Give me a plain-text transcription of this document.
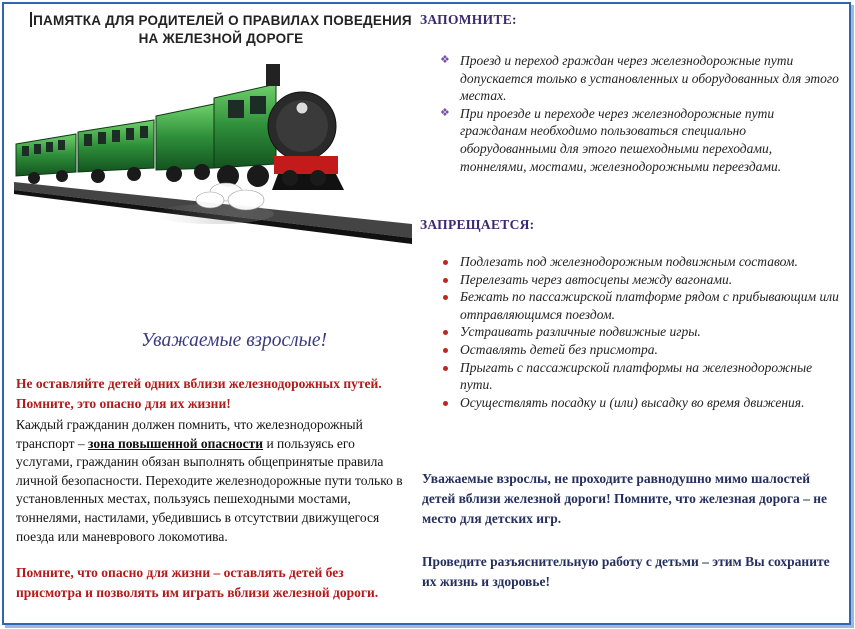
ПАМЯТКА ДЛЯ РОДИТЕЛЕЙ О ПРАВИЛАХ ПОВЕДЕНИЯ
НА ЖЕЛЕЗНОЙ ДОРОГЕ
Уважаемые взрослые!
Не оставляйте детей одних вблизи железнодорожных путей. Помните, это опасно для их жизни!
Каждый гражданин должен помнить, что железнодорожный транспорт – зона повышенной опасности и пользуясь его услугами, гражданин обязан выполнять общепринятые правила личной безопасности. Переходите железнодорожные пути только в установленных местах, пользуясь пешеходными мостами, тоннелями, настилами, убедившись в отсутствии движущегося поезда или маневрового локомотива.
Помните, что опасно для жизни – оставлять детей без присмотра и позволять им играть вблизи железной дороги.
ЗАПОМНИТЕ:
❖ Проезд и переход граждан через железнодорожные пути допускается только в установленных и оборудованных для этого местах.
❖ При проезде и переходе через железнодорожные пути гражданам необходимо пользоваться специально оборудованными для этого пешеходными переходами, тоннелями, мостами, железнодорожными переездами.
ЗАПРЕЩАЕТСЯ:
Подлезать под железнодорожным подвижным составом.
Перелезать через автосцепы между вагонами.
Бежать по пассажирской платформе рядом с прибывающим или отправляющимся поездом.
Устраивать различные подвижные игры.
Оставлять детей без присмотра.
Прыгать с пассажирской платформы на железнодорожные пути.
Осуществлять посадку и (или) высадку во время движения.
Уважаемые взрослы, не проходите равнодушно мимо шалостей детей вблизи железной дороги! Помните, что железная дорога – не место для детских игр.
Проведите разъяснительную работу с детьми – этим Вы сохраните их жизнь и здоровье!
